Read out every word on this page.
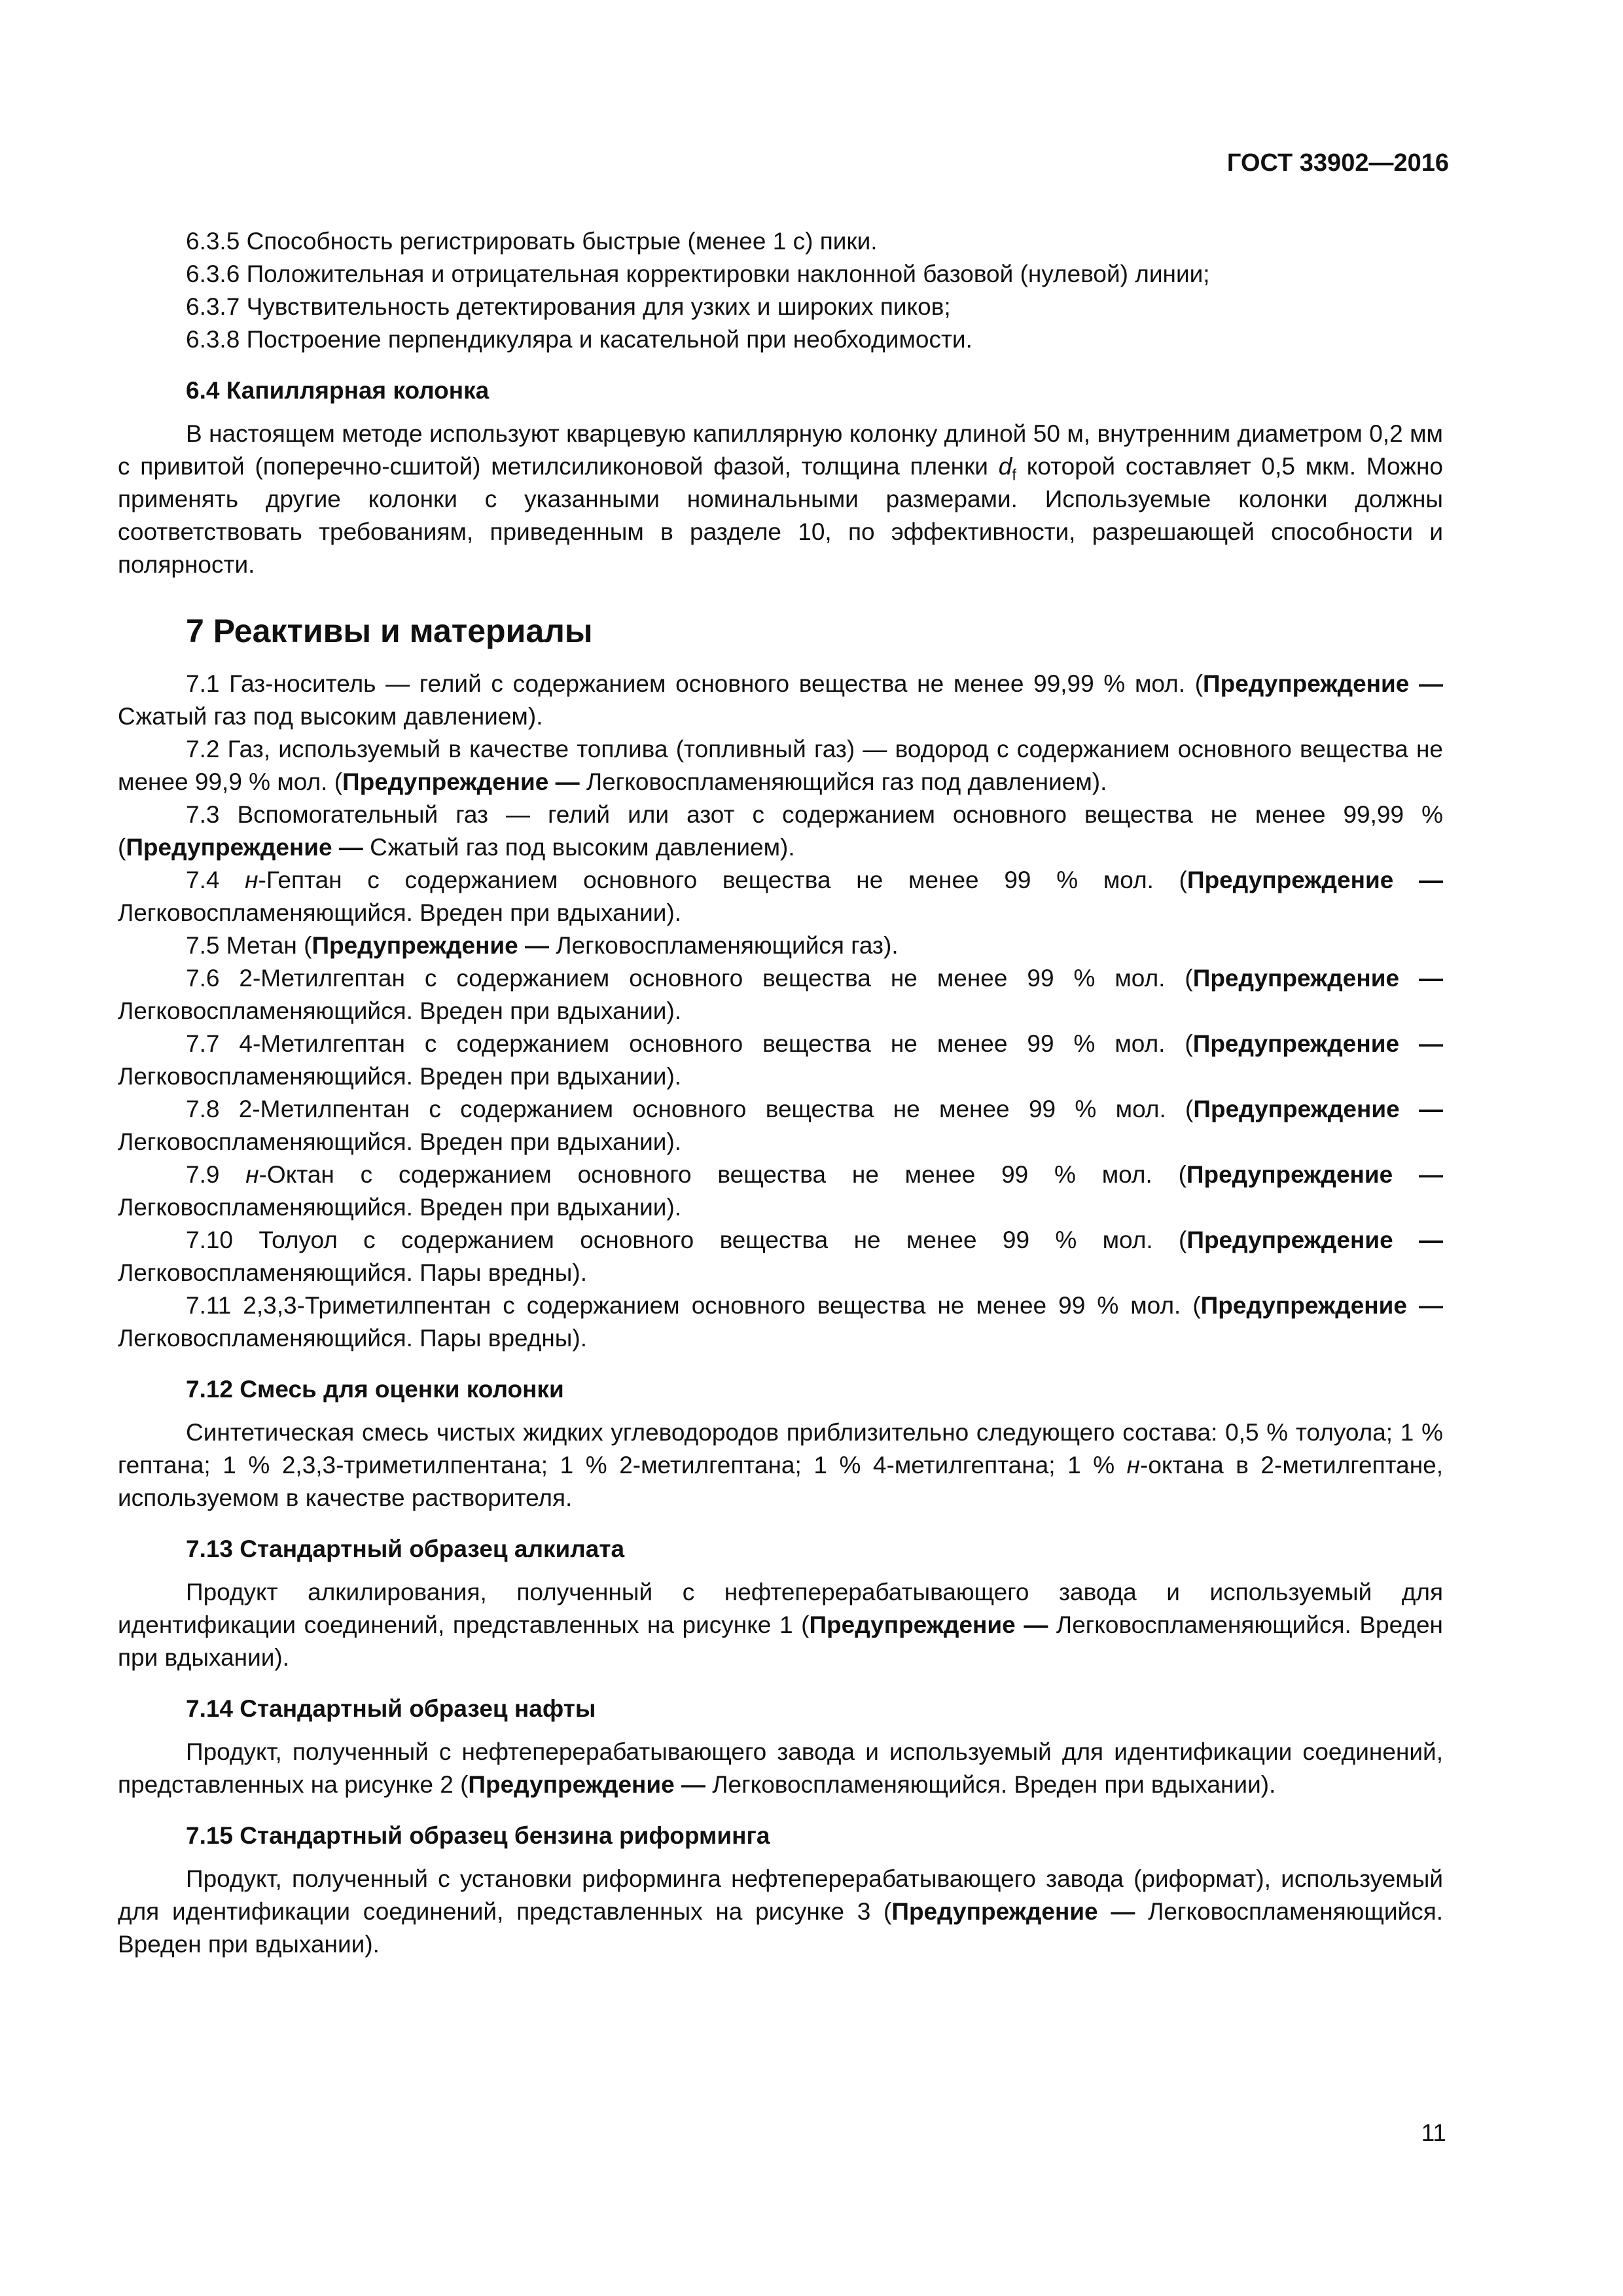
ГОСТ 33902—2016

6.3.5 Способность регистрировать быстрые (менее 1 с) пики.

6.3.6 Положительная и отрицательная корректировки наклонной базовой (нулевой) линии;

6.3.7 Чувствительность детектирования для узких и широких пиков;

6.3.8 Построение перпендикуляра и касательной при необходимости.

6.4 Капиллярная колонка

В настоящем методе используют кварцевую капиллярную колонку длиной 50 м, внутренним диаметром 0,2 мм с привитой (поперечно-сшитой) метилсиликоновой фазой, толщина пленки $d_f$ которой составляет 0,5 мкм. Можно применять другие колонки с указанными номинальными размерами. Используемые колонки должны соответствовать требованиям, приведенным в разделе 10, по эффективности, разрешающей способности и полярности.

7 Реактивы и материалы

7.1 Газ-носитель — гелий с содержанием основного вещества не менее 99,99 % мол. (Предупреждение — Сжатый газ под высоким давлением).

7.2 Газ, используемый в качестве топлива (топливный газ) — водород с содержанием основного вещества не менее 99,9 % мол. (Предупреждение — Легковоспламеняющийся газ под давлением).

7.3 Вспомогательный газ — гелий или азот с содержанием основного вещества не менее 99,99 % (Предупреждение — Сжатый газ под высоким давлением).

7.4 н-Гептан с содержанием основного вещества не менее 99 % мол. (Предупреждение — Легковоспламеняющийся. Вреден при вдыхании).

7.5 Метан (Предупреждение — Легковоспламеняющийся газ).

7.6 2-Метилгептан с содержанием основного вещества не менее 99 % мол. (Предупреждение — Легковоспламеняющийся. Вреден при вдыхании).

7.7 4-Метилгептан с содержанием основного вещества не менее 99 % мол. (Предупреждение — Легковоспламеняющийся. Вреден при вдыхании).

7.8 2-Метилпентан с содержанием основного вещества не менее 99 % мол. (Предупреждение — Легковоспламеняющийся. Вреден при вдыхании).

7.9 н-Октан с содержанием основного вещества не менее 99 % мол. (Предупреждение — Легковоспламеняющийся. Вреден при вдыхании).

7.10 Толуол с содержанием основного вещества не менее 99 % мол. (Предупреждение — Легковоспламеняющийся. Пары вредны).

7.11 2,3,3-Триметилпентан с содержанием основного вещества не менее 99 % мол. (Предупреждение — Легковоспламеняющийся. Пары вредны).

7.12 Смесь для оценки колонки

Синтетическая смесь чистых жидких углеводородов приблизительно следующего состава: 0,5 % толуола; 1 % гептана; 1 % 2,3,3-триметилпентана; 1 % 2-метилгептана; 1 % 4-метилгептана; 1 % н-октана в 2-метилгептане, используемом в качестве растворителя.

7.13 Стандартный образец алкилата

Продукт алкилирования, полученный с нефтеперерабатывающего завода и используемый для идентификации соединений, представленных на рисунке 1 (Предупреждение — Легковоспламеняющийся. Вреден при вдыхании).

7.14 Стандартный образец нафты

Продукт, полученный с нефтеперерабатывающего завода и используемый для идентификации соединений, представленных на рисунке 2 (Предупреждение — Легковоспламеняющийся. Вреден при вдыхании).

7.15 Стандартный образец бензина риформинга

Продукт, полученный с установки риформинга нефтеперерабатывающего завода (риформат), используемый для идентификации соединений, представленных на рисунке 3 (Предупреждение — Легковоспламеняющийся. Вреден при вдыхании).

11
